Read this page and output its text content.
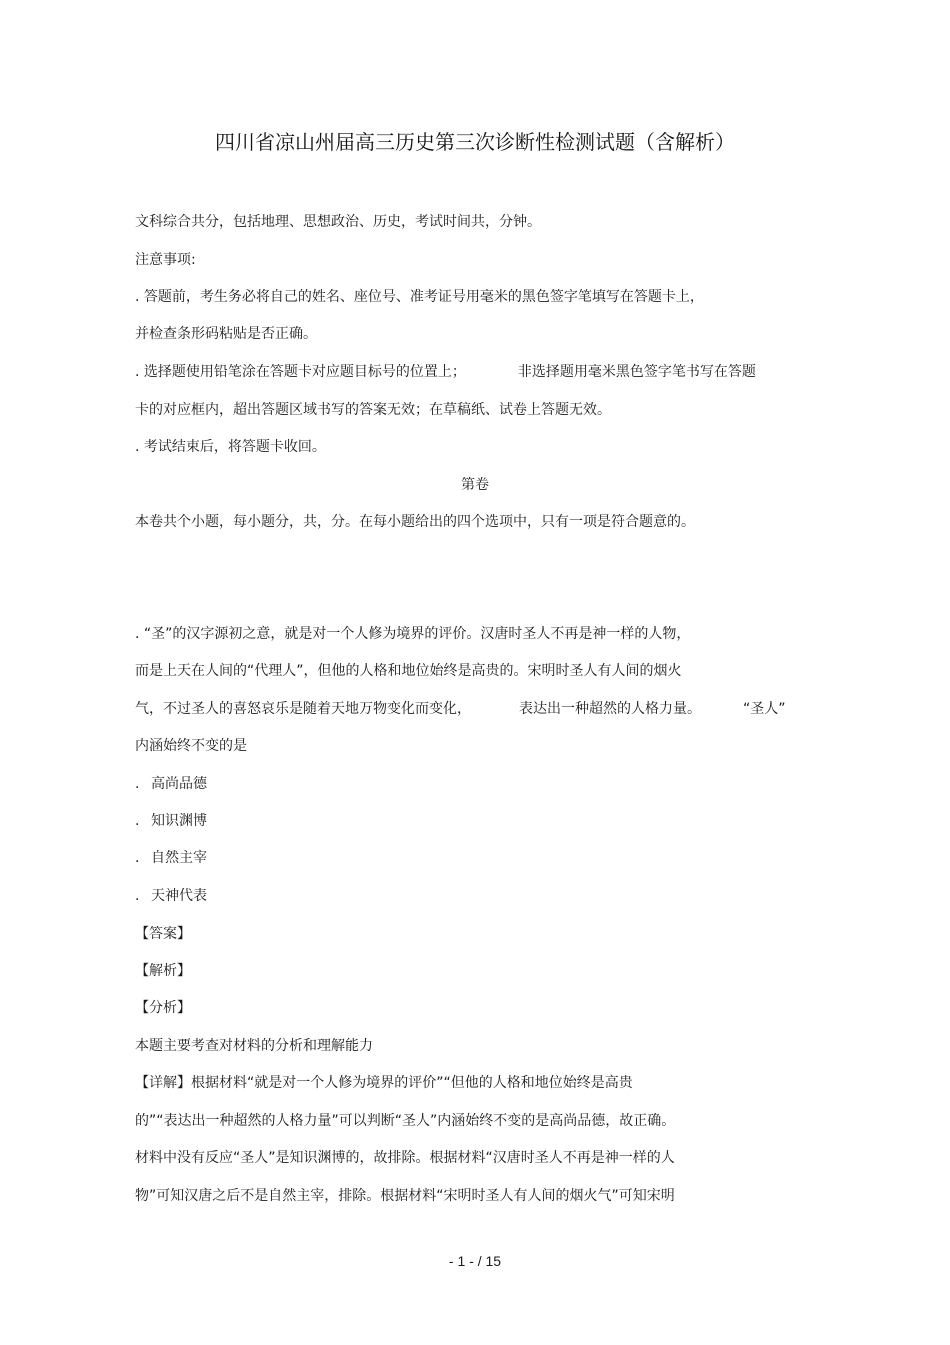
四川省凉山州届高三历史第三次诊断性检测试题（含解析）
文科综合共分，包括地理、思想政治、历史，考试时间共，分钟。
注意事项:
. 答题前，考生务必将自己的姓名、座位号、准考证号用毫米的黑色签字笔填写在答题卡上，
并检查条形码粘贴是否正确。
. 选择题使用铅笔涂在答题卡对应题目标号的位置上；	非选择题用毫米黑色签字笔书写在答题
卡的对应框内，超出答题区域书写的答案无效；在草稿纸、试卷上答题无效。
. 考试结束后，将答题卡收回。
第卷
本卷共个小题，每小题分，共，分。在每小题给出的四个选项中，只有一项是符合题意的。
. “圣”的汉字源初之意，就是对一个人修为境界的评价。汉唐时圣人不再是神一样的人物，
而是上天在人间的“代理人”，但他的人格和地位始终是高贵的。宋明时圣人有人间的烟火
气，不过圣人的喜怒哀乐是随着天地万物变化而变化，	表达出一种超然的人格力量。	“圣人”
内涵始终不变的是
. 高尚品德
. 知识渊博
. 自然主宰
. 天神代表
【答案】
【解析】
【分析】
本题主要考查对材料的分析和理解能力
【详解】根据材料“就是对一个人修为境界的评价”“但他的人格和地位始终是高贵
的”“表达出一种超然的人格力量”可以判断“圣人”内涵始终不变的是高尚品德，故正确。
材料中没有反应“圣人”是知识渊博的，故排除。根据材料“汉唐时圣人不再是神一样的人
物”可知汉唐之后不是自然主宰，排除。根据材料“宋明时圣人有人间的烟火气”可知宋明
- 1 - / 15
